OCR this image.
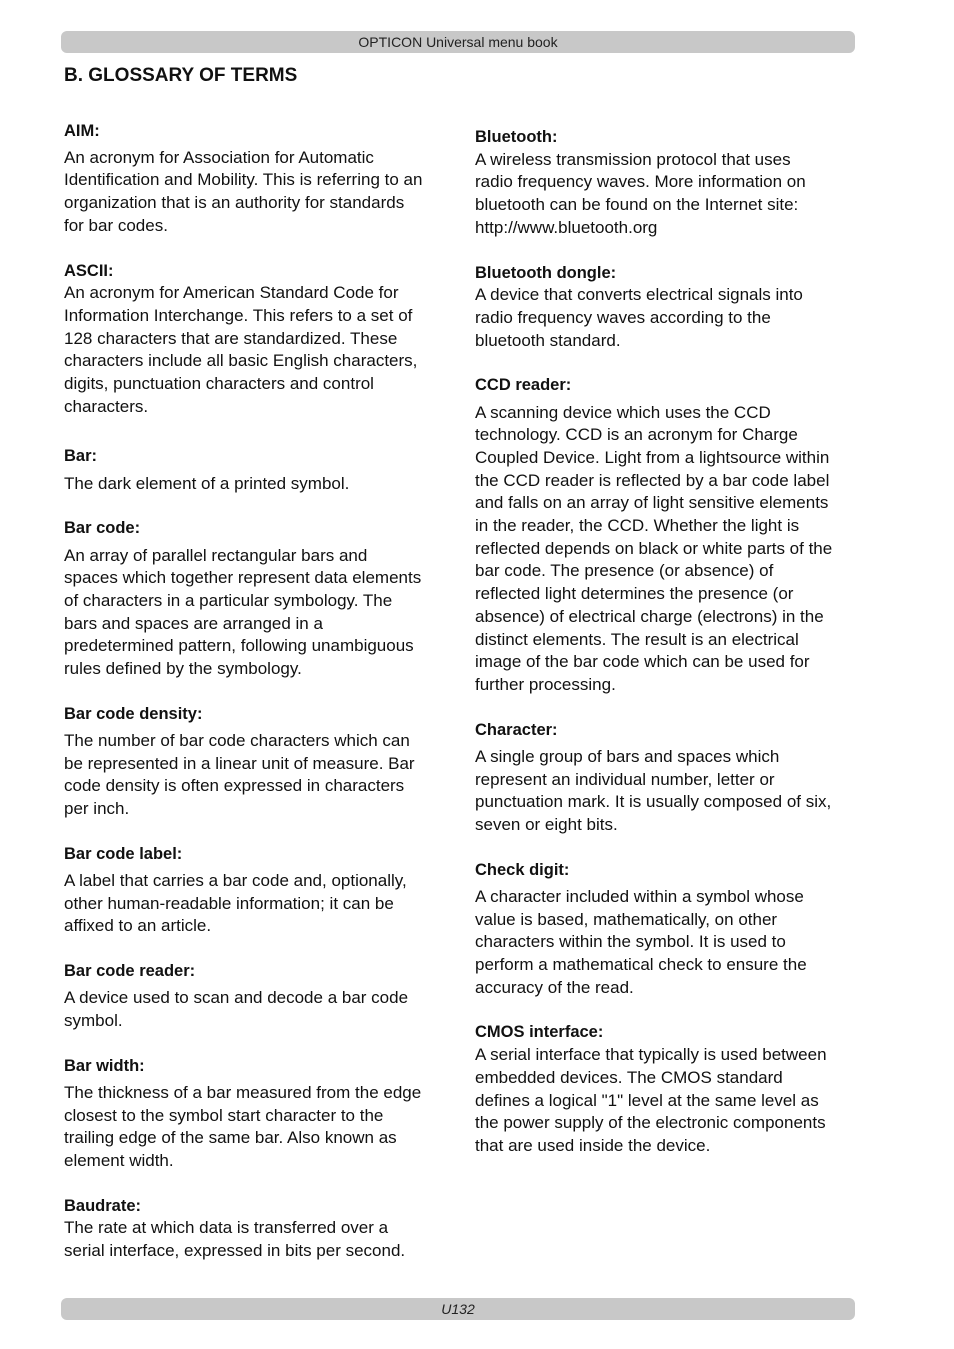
OPTICON Universal menu book
B. GLOSSARY OF TERMS

AIM:

An acronym for Association for Automatic
Identification and Mobility. This is referring to an
organization that is an authority for standards
for bar codes.

ASCII:

An acronym for American Standard Code for
Information Interchange. This refers to a set of
128 characters that are standardized. These
characters include all basic English characters,
digits, punctuation characters and control
characters.

Bar:

The dark element of a printed symbol.

Bar code:

An array of parallel rectangular bars and
spaces which together represent data elements
of characters in a particular symbology. The
bars and spaces are arranged in a
predetermined pattern, following unambiguous
rules defined by the symbology.

Bar code density:

The number of bar code characters which can
be represented in a linear unit of measure. Bar
code density is often expressed in characters
per inch.

Bar code label:

A label that carries a bar code and, optionally,
other human-readable information; it can be
affixed to an article.

Bar code reader:

A device used to scan and decode a bar code
symbol.

Bar width:

The thickness of a bar measured from the edge
closest to the symbol start character to the
trailing edge of the same bar. Also known as
element width.

Baudrate:

The rate at which data is transferred over a
serial interface, expressed in bits per second.

Bluetooth:

A wireless transmission protocol that uses
radio frequency waves. More information on
bluetooth can be found on the Internet site:
http://www.bluetooth.org

Bluetooth dongle:

A device that converts electrical signals into
radio frequency waves according to the
bluetooth standard.

CCD reader:

A scanning device which uses the CCD
technology. CCD is an acronym for Charge
Coupled Device. Light from a lightsource within
the CCD reader is reflected by a bar code label
and falls on an array of light sensitive elements
in the reader, the CCD. Whether the light is
reflected depends on black or white parts of the
bar code. The presence (or absence) of
reflected light determines the presence (or
absence) of electrical charge (electrons) in the
distinct elements. The result is an electrical
image of the bar code which can be used for
further processing.

Character:

A single group of bars and spaces which
represent an individual number, letter or
punctuation mark. It is usually composed of six,
seven or eight bits.

Check digit:

A character included within a symbol whose
value is based, mathematically, on other
characters within the symbol. It is used to
perform a mathematical check to ensure the
accuracy of the read.

CMOS interface:

A serial interface that typically is used between
embedded devices. The CMOS standard
defines a logical "1" level at the same level as
the power supply of the electronic components
that are used inside the device.

U132
